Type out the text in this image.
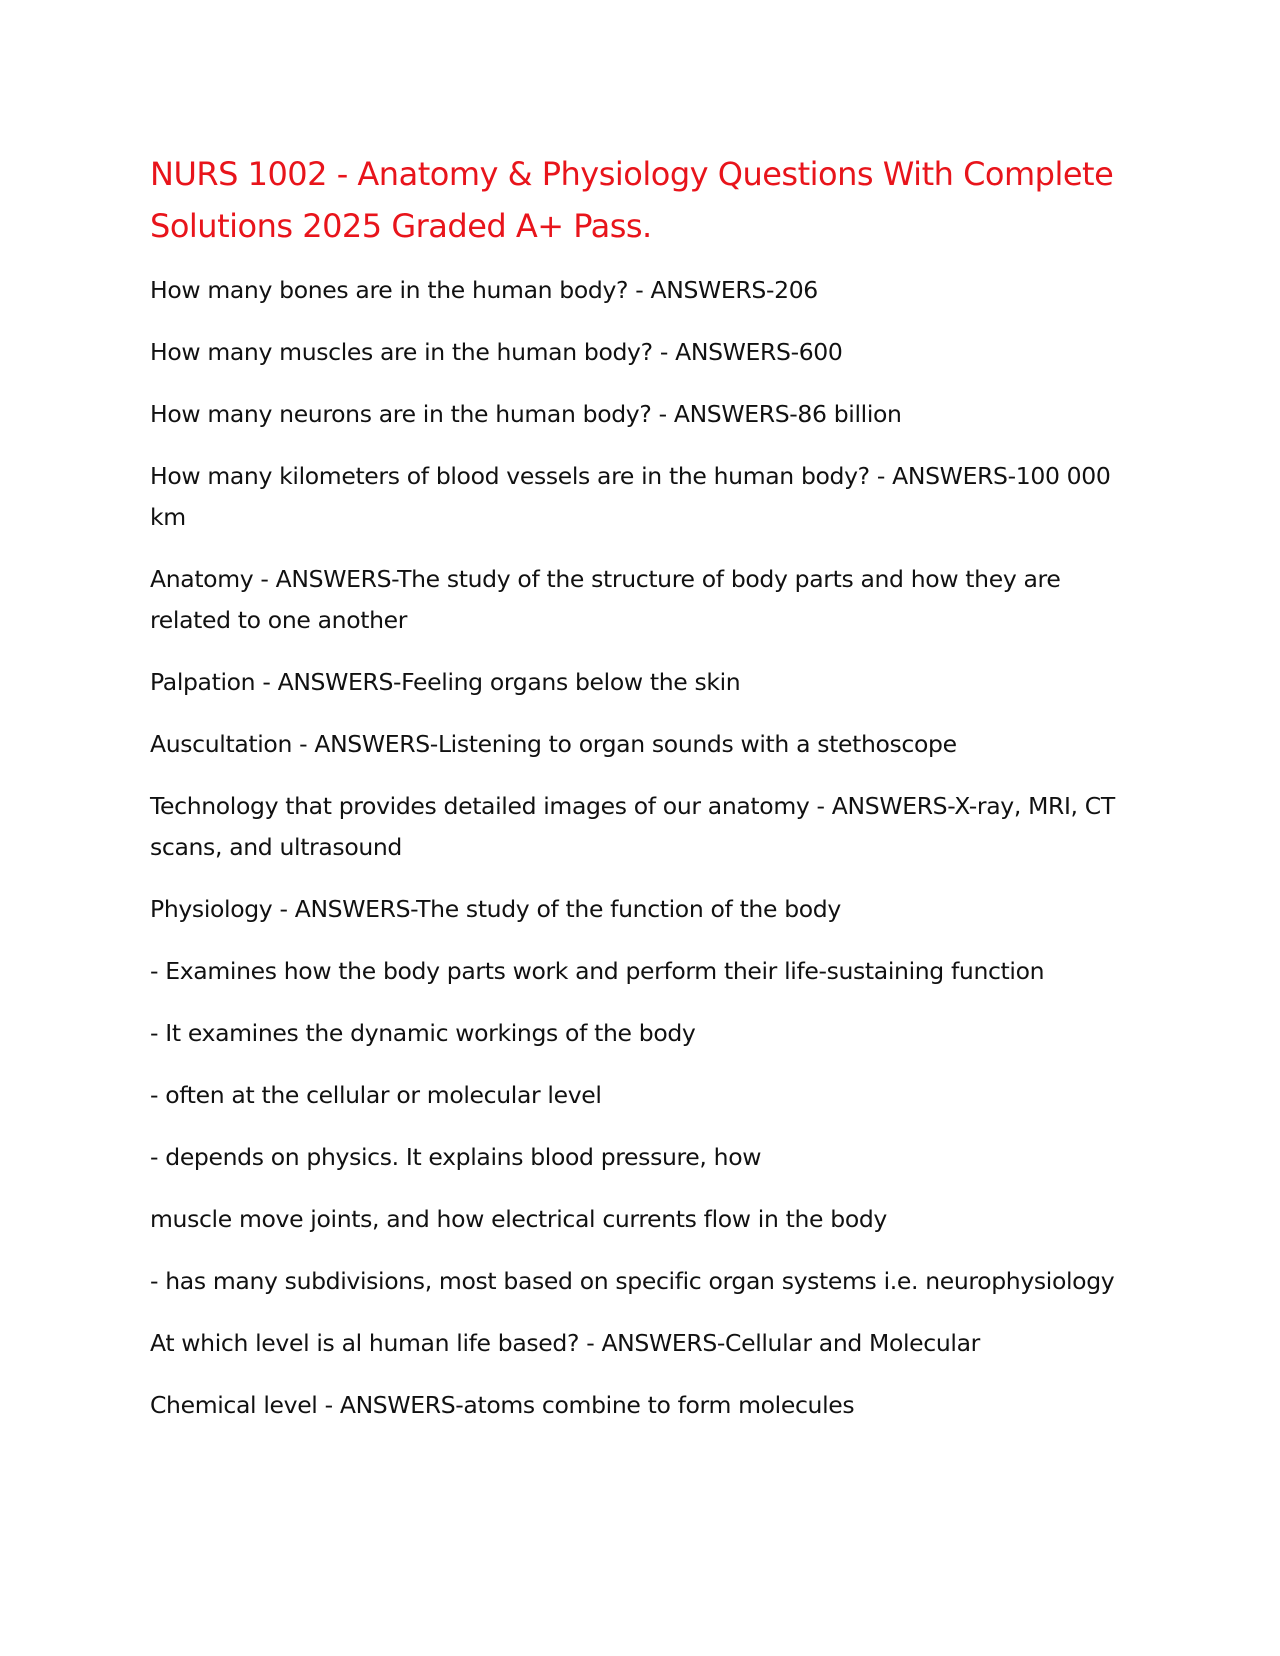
NURS 1002 - Anatomy & Physiology Questions With Complete Solutions 2025 Graded A+ Pass.

How many bones are in the human body? - ANSWERS-206

How many muscles are in the human body? - ANSWERS-600

How many neurons are in the human body? - ANSWERS-86 billion

How many kilometers of blood vessels are in the human body? - ANSWERS-100 000 km

Anatomy - ANSWERS-The study of the structure of body parts and how they are related to one another

Palpation - ANSWERS-Feeling organs below the skin

Auscultation - ANSWERS-Listening to organ sounds with a stethoscope

Technology that provides detailed images of our anatomy - ANSWERS-X-ray, MRI, CT scans, and ultrasound

Physiology - ANSWERS-The study of the function of the body

- Examines how the body parts work and perform their life-sustaining function

- It examines the dynamic workings of the body

- often at the cellular or molecular level

- depends on physics. It explains blood pressure, how

muscle move joints, and how electrical currents flow in the body

- has many subdivisions, most based on specific organ systems i.e. neurophysiology

At which level is al human life based? - ANSWERS-Cellular and Molecular

Chemical level - ANSWERS-atoms combine to form molecules
